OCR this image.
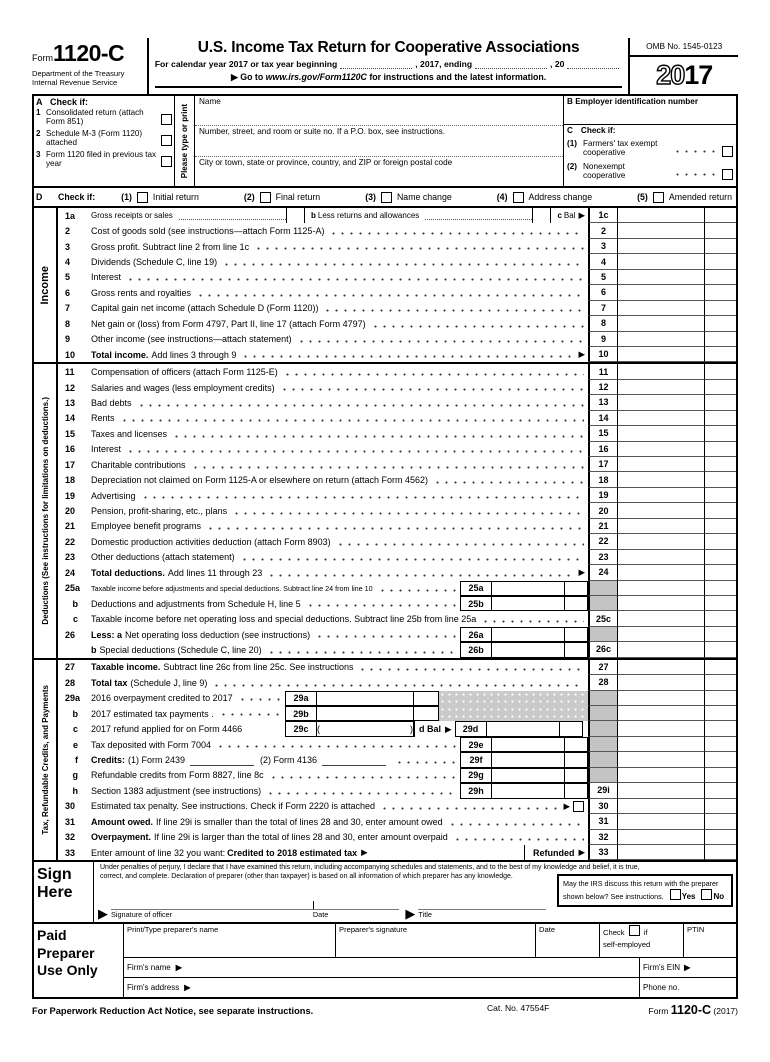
Form1120-C
Department of the Treasury
Internal Revenue Service
U.S. Income Tax Return for Cooperative Associations
For calendar year 2017 or tax year beginning	, 2017, ending	, 20
▶ Go to www.irs.gov/Form1120C for instructions and the latest information.
OMB No. 1545-0123
20 17
A Check if:
1 Consolidated return (attach Form 851)
2 Schedule M-3 (Form 1120) attached
3 Form 1120 filed in previous tax year	Please type or print
Name
Number, street, and room or suite no. If a P.O. box, see instructions.
City or town, state or province, country, and ZIP or foreign postal code
B Employer identification number
C Check if:
(1) Farmers' tax exempt cooperative
(2) Nonexempt cooperative
D	Check if:	(1) Initial return	(2) Final return	(3) Name change	(4) Address change	(5) Amended return
Income
1a	Gross receipts or sales	b Less returns and allowances	c Bal ▶	1c
2	Cost of goods sold (see instructions—attach Form 1125-A)	2
3	Gross profit. Subtract line 2 from line 1c	3
4	Dividends (Schedule C, line 19)	4
5	Interest	5
6	Gross rents and royalties	6
7	Capital gain net income (attach Schedule D (Form 1120))	7
8	Net gain or (loss) from Form 4797, Part II, line 17 (attach Form 4797)	8
9	Other income (see instructions—attach statement)	9
10	Total income. Add lines 3 through 9	▶	10
Deductions (See instructions for limitations on deductions.)
11	Compensation of officers (attach Form 1125-E)	11
12	Salaries and wages (less employment credits)	12
13	Bad debts	13
14	Rents	14
15	Taxes and licenses	15
16	Interest	16
17	Charitable contributions	17
18	Depreciation not claimed on Form 1125-A or elsewhere on return (attach Form 4562)	18
19	Advertising	19
20	Pension, profit-sharing, etc., plans	20
21	Employee benefit programs	21
22	Domestic production activities deduction (attach Form 8903)	22
23	Other deductions (attach statement)	23
24	Total deductions. Add lines 11 through 23	▶	24
25a	Taxable income before adjustments and special deductions. Subtract line 24 from line 10	25a
b	Deductions and adjustments from Schedule H, line 5	25b
c	Taxable income before net operating loss and special deductions. Subtract line 25b from line 25a	25c
26	Less: a Net operating loss deduction (see instructions)	26a
b Special deductions (Schedule C, line 20)	26b	26c
Tax, Refundable Credits, and Payments
27	Taxable income. Subtract line 26c from line 25c. See instructions	27
28	Total tax (Schedule J, line 9)	28
29a	2016 overpayment credited to 2017	29a
b	2017 estimated tax payments .	29b
c	2017 refund applied for on Form 4466	29c (	) d Bal ▶	29d
e	Tax deposited with Form 7004	29e
f	Credits: (1) Form 2439	(2) Form 4136	29f
g	Refundable credits from Form 8827, line 8c	29g
h	Section 1383 adjustment (see instructions)	29h	29i
30	Estimated tax penalty. See instructions. Check if Form 2220 is attached	▶	30
31	Amount owed. If line 29i is smaller than the total of lines 28 and 30, enter amount owed	31
32	Overpayment. If line 29i is larger than the total of lines 28 and 30, enter amount overpaid	32
33	Enter amount of line 32 you want: Credited to 2018 estimated tax ▶	Refunded ▶	33
Sign Here
Under penalties of perjury, I declare that I have examined this return, including accompanying schedules and statements, and to the best of my knowledge and belief, it is true, correct, and complete. Declaration of preparer (other than taxpayer) is based on all information of which preparer has any knowledge.
▶ Signature of officer	Date	▶ Title
May the IRS discuss this return with the preparer shown below? See instructions. Yes No
Paid Preparer Use Only
Print/Type preparer's name	Preparer's signature	Date	Check	if
self-employed
PTIN
Firm's name ▶	Firm's EIN ▶
Firm's address ▶	Phone no.
For Paperwork Reduction Act Notice, see separate instructions.	Cat. No. 47554F	Form 1120-C (2017)
